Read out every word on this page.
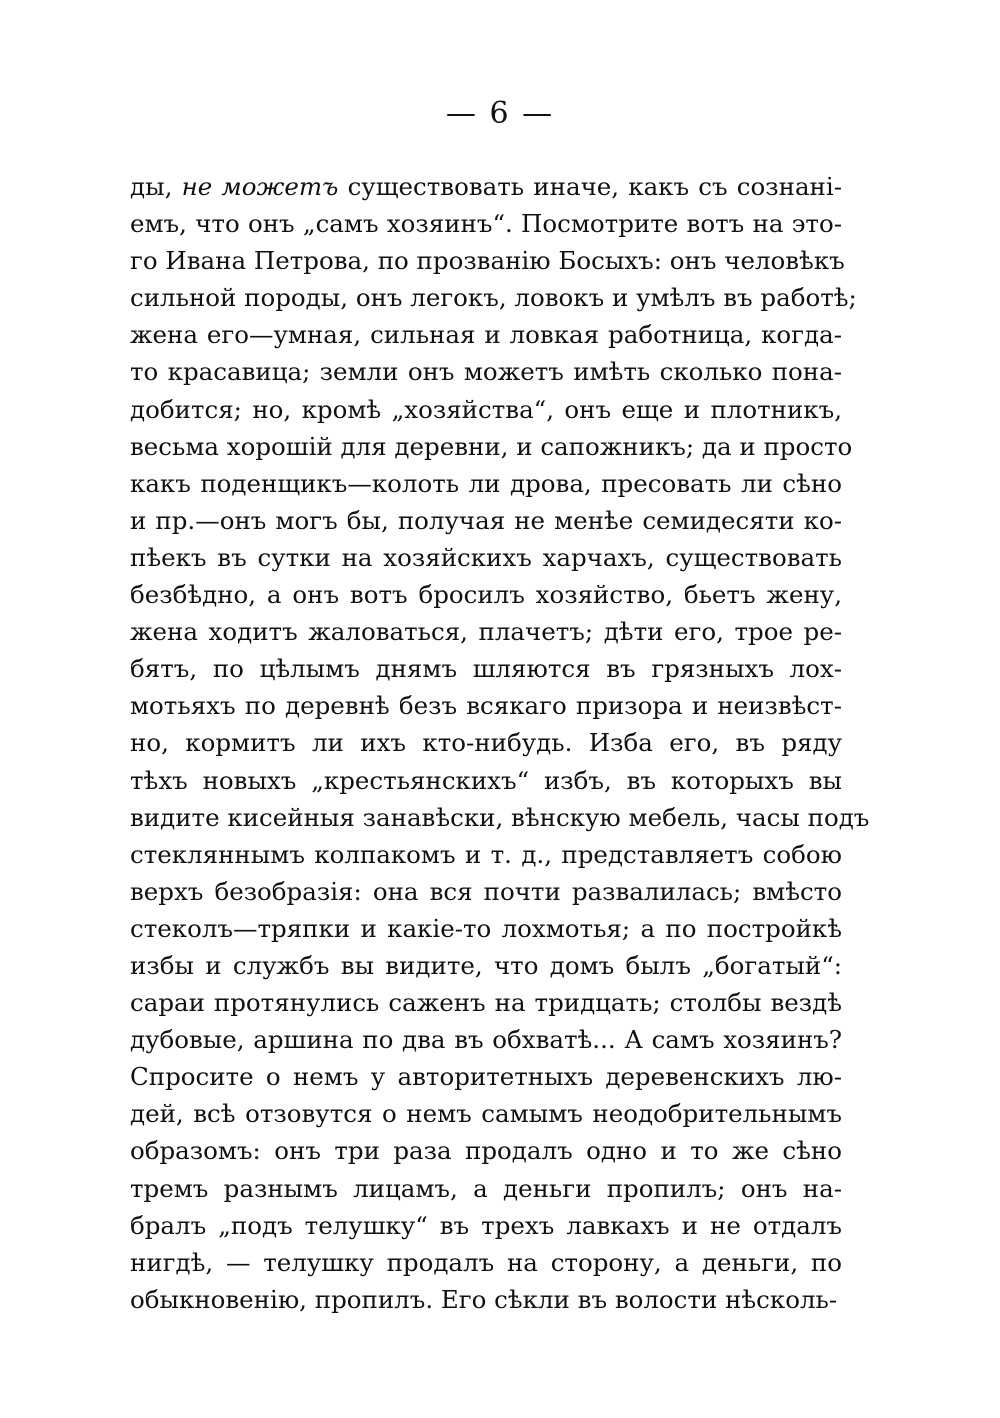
— 6 —
ды, не можетъ существовать иначе, какъ съ сознані-
емъ, что онъ „самъ хозяинъ“. Посмотрите вотъ на это-
го Ивана Петрова, по прозванію Босыхъ: онъ человѣкъ
сильной породы, онъ легокъ, ловокъ и умѣлъ въ работѣ;
жена его—умная, сильная и ловкая работница, когда-
то красавица; земли онъ можетъ имѣть сколько пона-
добится; но, кромѣ „хозяйства“, онъ еще и плотникъ,
весьма хорошій для деревни, и сапожникъ; да и просто
какъ поденщикъ—колоть ли дрова, пресовать ли сѣно
и пр.—онъ могъ бы, получая не менѣе семидесяти ко-
пѣекъ въ сутки на хозяйскихъ харчахъ, существовать
безбѣдно, а онъ вотъ бросилъ хозяйство, бьетъ жену,
жена ходитъ жаловаться, плачетъ; дѣти его, трое ре-
бятъ, по цѣлымъ днямъ шляются въ грязныхъ лох-
мотьяхъ по деревнѣ безъ всякаго призора и неизвѣст-
но, кормитъ ли ихъ кто-нибудь. Изба его, въ ряду
тѣхъ новыхъ „крестьянскихъ“ избъ, въ которыхъ вы
видите кисейныя занавѣски, вѣнскую мебель, часы подъ
стекляннымъ колпакомъ и т. д., представляетъ собою
верхъ безобразія: она вся почти развалилась; вмѣсто
стеколъ—тряпки и какіе-то лохмотья; а по постройкѣ
избы и службъ вы видите, что домъ былъ „богатый“:
сараи протянулись саженъ на тридцать; столбы вездѣ
дубовые, аршина по два въ обхватѣ... А самъ хозяинъ?
Спросите о немъ у авторитетныхъ деревенскихъ лю-
дей, всѣ отзовутся о немъ самымъ неодобрительнымъ
образомъ: онъ три раза продалъ одно и то же сѣно
тремъ разнымъ лицамъ, а деньги пропилъ; онъ на-
бралъ „подъ телушку“ въ трехъ лавкахъ и не отдалъ
нигдѣ, — телушку продалъ на сторону, а деньги, по
обыкновенію, пропилъ. Его сѣкли въ волости нѣсколь-
